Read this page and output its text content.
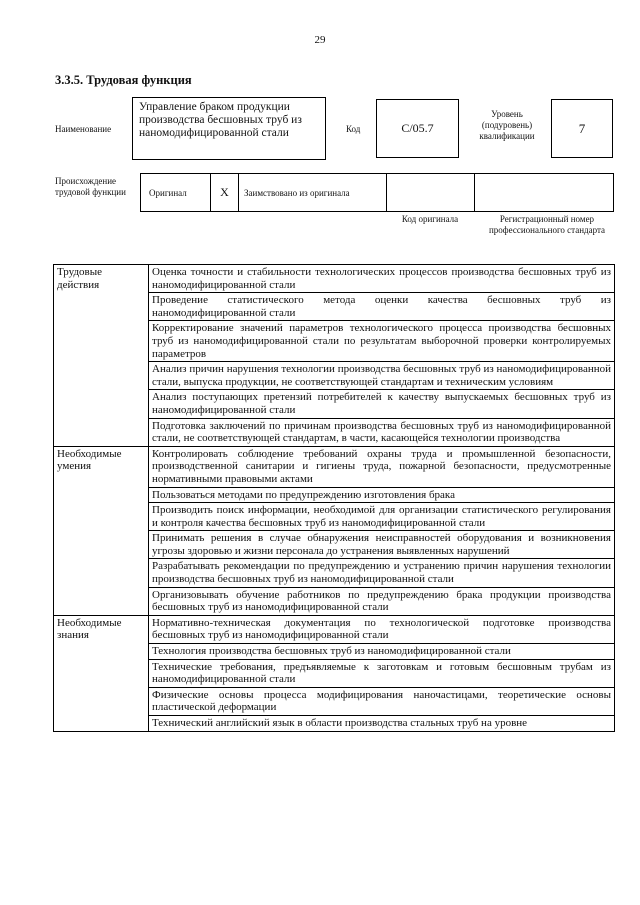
29
3.3.5. Трудовая функция
Наименование
Управление браком продукции производства бесшовных труб из наномодифицированной стали	Код	C/05.7
Уровень (подуровень) квалификации
7
Происхождение трудовой функции	Оригинал	X Заимствовано из оригинала
Код оригинала	Регистрационный номер профессионального стандарта
Трудовые действия	Оценка точности и стабильности технологических процессов производства бесшовных труб из наномодифицированной стали
	Проведение статистического метода оценки качества бесшовных труб из наномодифицированной стали
	Корректирование значений параметров технологического процесса производства бесшовных труб из наномодифицированной стали по результатам выборочной проверки контролируемых параметров
	Анализ причин нарушения технологии производства бесшовных труб из наномодифицированной стали, выпуска продукции, не соответствующей стандартам и техническим условиям
	Анализ поступающих претензий потребителей к качеству выпускаемых бесшовных труб из наномодифицированной стали
	Подготовка заключений по причинам производства бесшовных труб из наномодифицированной стали, не соответствующей стандартам, в части, касающейся технологии производства
Необходимые умения	Контролировать соблюдение требований охраны труда и промышленной безопасности, производственной санитарии и гигиены труда, пожарной безопасности, предусмотренные нормативными правовыми актами
	Пользоваться методами по предупреждению изготовления брака
	Производить поиск информации, необходимой для организации статистического регулирования и контроля качества бесшовных труб из наномодифицированной стали
	Принимать решения в случае обнаружения неисправностей оборудования и возникновения угрозы здоровью и жизни персонала до устранения выявленных нарушений
	Разрабатывать рекомендации по предупреждению и устранению причин нарушения технологии производства бесшовных труб из наномодифицированной стали
	Организовывать обучение работников по предупреждению брака продукции производства бесшовных труб из наномодифицированной стали
Необходимые знания	Нормативно-техническая документация по технологической подготовке производства бесшовных труб из наномодифицированной стали
	Технология производства бесшовных труб из наномодифицированной стали
	Технические требования, предъявляемые к заготовкам и готовым бесшовным трубам из наномодифицированной стали
	Физические основы процесса модифицирования наночастицами, теоретические основы пластической деформации
	Технический английский язык в области производства стальных труб на уровне
